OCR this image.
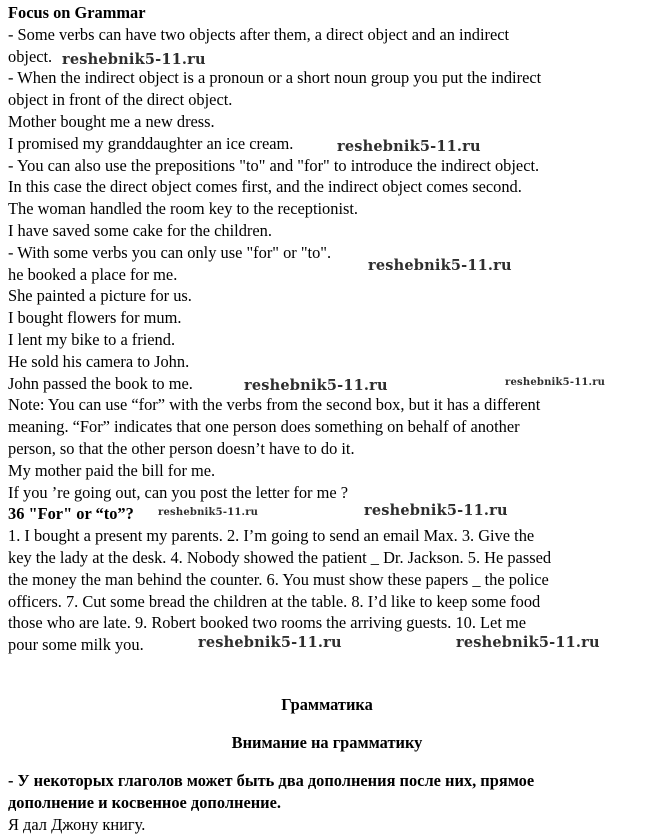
Focus on Grammar

- Some verbs can have two objects after them, a direct object and an indirect

object.

- When the indirect object is a pronoun or a short noun group you put the indirect

object in front of the direct object.

Mother bought me a new dress.

I promised my granddaughter an ice cream.

- You can also use the prepositions "to" and "for" to introduce the indirect object.

In this case the direct object comes first, and the indirect object comes second.

The woman handled the room key to the receptionist.

I have saved some cake for the children.

- With some verbs you can only use "for" or "to".

he booked a place for me.

She painted a picture for us.

I bought flowers for mum.

I lent my bike to a friend.

He sold his camera to John.

John passed the book to me.

Note: You can use “for” with the verbs from the second box, but it has a different

meaning. “For” indicates that one person does something on behalf of another

person, so that the other person doesn’t have to do it.

My mother paid the bill for me.

If you ’re going out, can you post the letter for me ?

36 "For" or “to”?

1. I bought a present my parents. 2. I’m going to send an email Max. 3. Give the

key the lady at the desk. 4. Nobody showed the patient _ Dr. Jackson. 5. He passed

the money the man behind the counter. 6. You must show these papers _ the police

officers. 7. Cut some bread the children at the table. 8. I’d like to keep some food

those who are late. 9. Robert booked two rooms the arriving guests. 10. Let me

pour some milk you.

Грамматика

Внимание на грамматику

- У некоторых глаголов может быть два дополнения после них, прямое

дополнение и косвенное дополнение.

Я дал Джону книгу.

reshebnik5-11.ru
reshebnik5-11.ru
reshebnik5-11.ru
reshebnik5-11.ru	reshebnik5-11.ru
reshebnik5-11.ru	reshebnik5-11.ru
reshebnik5-11.ru	reshebnik5-11.ru
